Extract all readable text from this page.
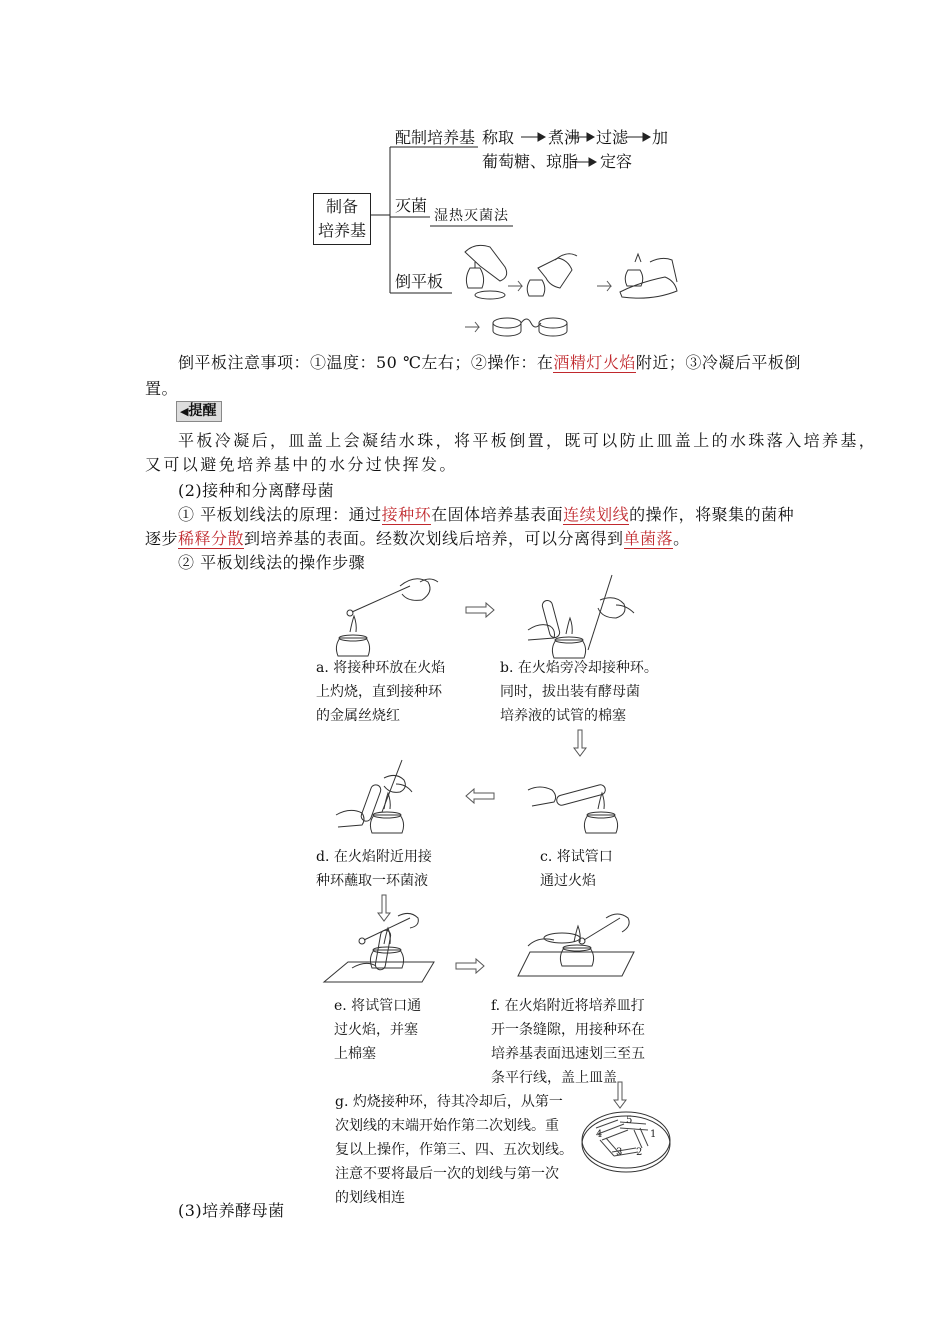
制备
培养基
配制培养基 称取 煮沸 过滤 加
葡萄糖、琼脂 定容
灭菌
湿热灭菌法
倒平板
倒平板注意事项：①温度：50 ℃左右；②操作：在酒精灯火焰附近；③冷凝后平板倒
置。
◀提醒
平板冷凝后，皿盖上会凝结水珠，将平板倒置，既可以防止皿盖上的水珠落入培养基，
又可以避免培养基中的水分过快挥发。
(2)接种和分离酵母菌
① 平板划线法的原理：通过接种环在固体培养基表面连续划线的操作，将聚集的菌种
逐步稀释分散到培养基的表面。经数次划线后培养，可以分离得到单菌落。
② 平板划线法的操作步骤
5
1
4
3 2
a. 将接种环放在火焰
上灼烧，直到接种环
的金属丝烧红
b. 在火焰旁冷却接种环。
同时，拔出装有酵母菌
培养液的试管的棉塞
d. 在火焰附近用接
种环蘸取一环菌液
c. 将试管口
通过火焰
e. 将试管口通
过火焰，并塞
上棉塞
f. 在火焰附近将培养皿打
开一条缝隙，用接种环在
培养基表面迅速划三至五
条平行线，盖上皿盖
g. 灼烧接种环，待其冷却后，从第一
次划线的末端开始作第二次划线。重
复以上操作，作第三、四、五次划线。
注意不要将最后一次的划线与第一次
的划线相连
(3)培养酵母菌
